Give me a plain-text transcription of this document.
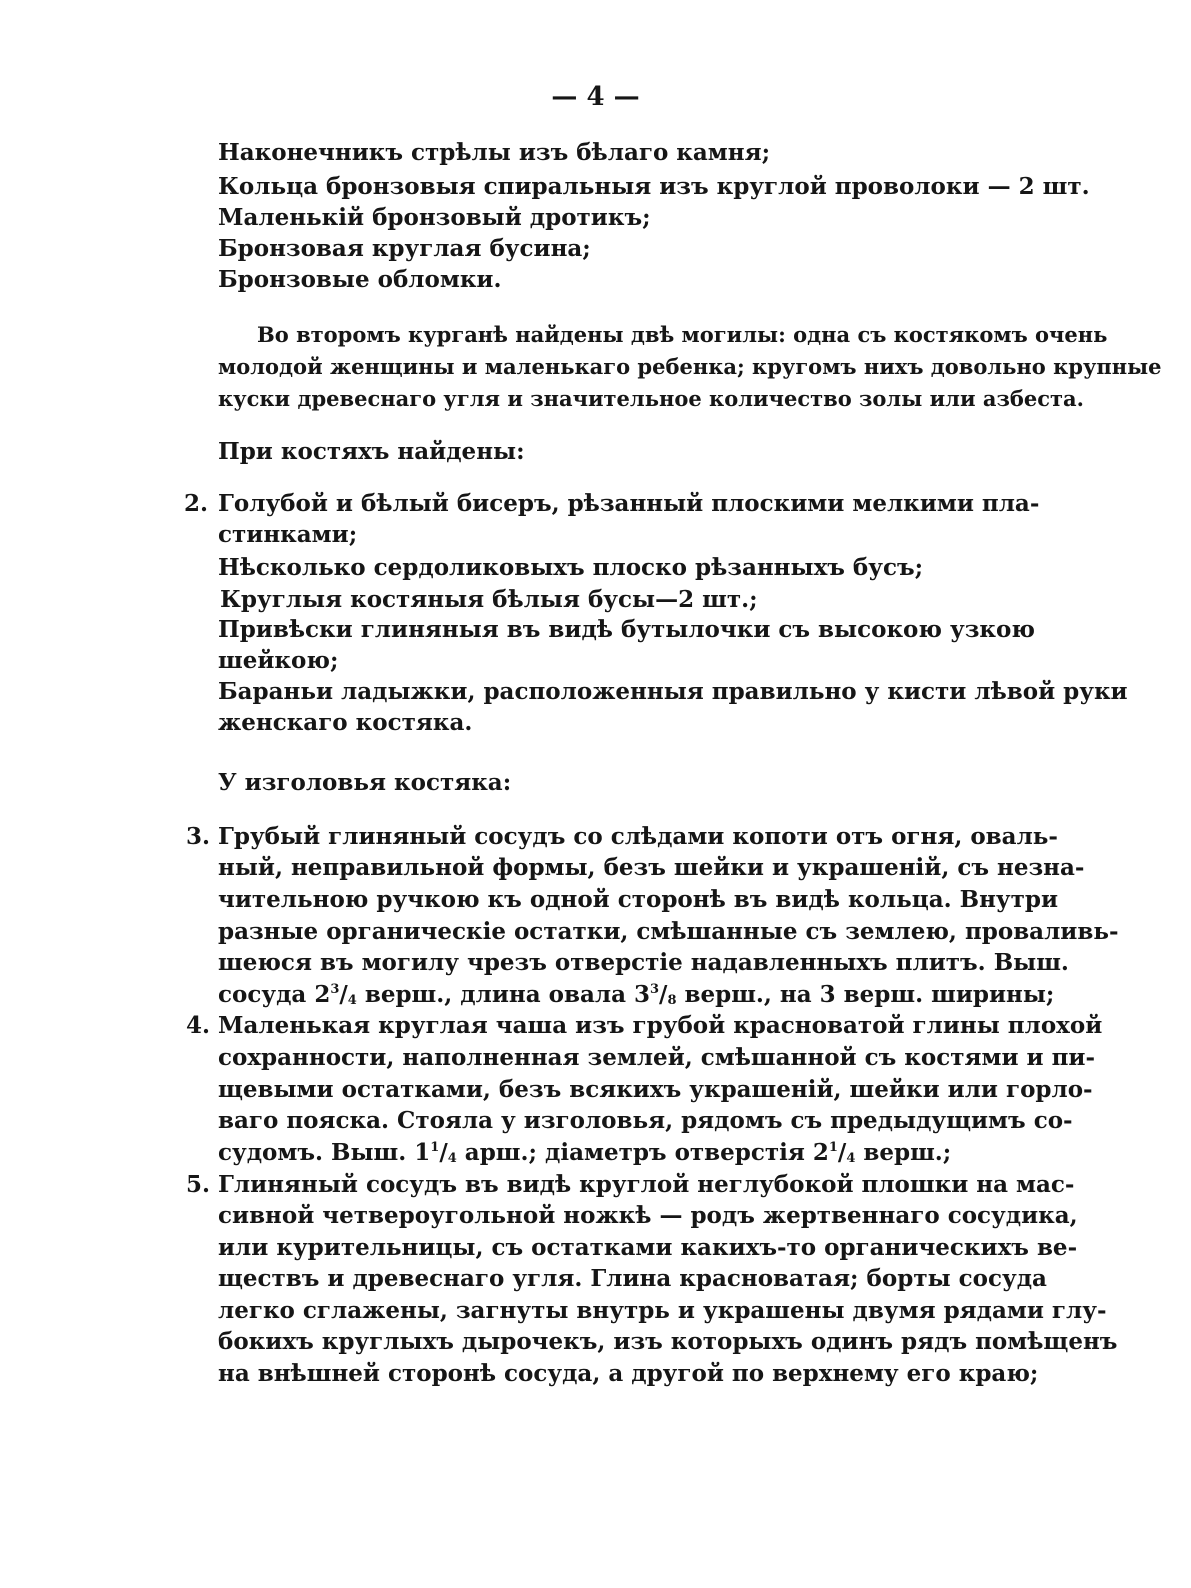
— 4 —
Наконечникъ стрѣлы изъ бѣлаго камня;
Кольца бронзовыя спиральныя изъ круглой проволоки — 2 шт.
Маленькій бронзовый дротикъ;
Бронзовая круглая бусина;
Бронзовые обломки.
Во второмъ курганѣ найдены двѣ могилы: одна съ костякомъ очень
молодой женщины и маленькаго ребенка; кругомъ нихъ довольно крупные
куски древеснаго угля и значительное количество золы или азбеста.
При костяхъ найдены:
2. Голубой и бѣлый бисеръ, рѣзанный плоскими мелкими пла-
стинками;
Нѣсколько сердоликовыхъ плоско рѣзанныхъ бусъ;
Круглыя костяныя бѣлыя бусы—2 шт.;
Привѣски глиняныя въ видѣ бутылочки съ высокою узкою
шейкою;
Бараньи ладыжки, расположенныя правильно у кисти лѣвой руки
женскаго костяка.
У изголовья костяка:
3. Грубый глиняный сосудъ со слѣдами копоти отъ огня, оваль-
ный, неправильной формы, безъ шейки и украшеній, съ незна-
чительною ручкою къ одной сторонѣ въ видѣ кольца. Внутри
разные органическіе остатки, смѣшанные съ землею, проваливь-
шеюся въ могилу чрезъ отверстіе надавленныхъ плитъ. Выш.
сосуда $2^3/_4$ верш., длина овала $3^3/_8$ верш., на 3 верш. ширины;
4. Маленькая круглая чаша изъ грубой красноватой глины плохой
сохранности, наполненная землей, смѣшанной съ костями и пи-
щевыми остатками, безъ всякихъ украшеній, шейки или горло-
ваго пояска. Стояла у изголовья, рядомъ съ предыдущимъ со-
судомъ. Выш. $1^1/_4$ арш.; діаметръ отверстія $2^1/_4$ верш.;
5. Глиняный сосудъ въ видѣ круглой неглубокой плошки на мас-
сивной четвероугольной ножкѣ — родъ жертвеннаго сосудика,
или курительницы, съ остатками какихъ-то органическихъ ве-
ществъ и древеснаго угля. Глина красноватая; борты сосуда
легко сглажены, загнуты внутрь и украшены двумя рядами глу-
бокихъ круглыхъ дырочекъ, изъ которыхъ одинъ рядъ помѣщенъ
на внѣшней сторонѣ сосуда, а другой по верхнему его краю;
